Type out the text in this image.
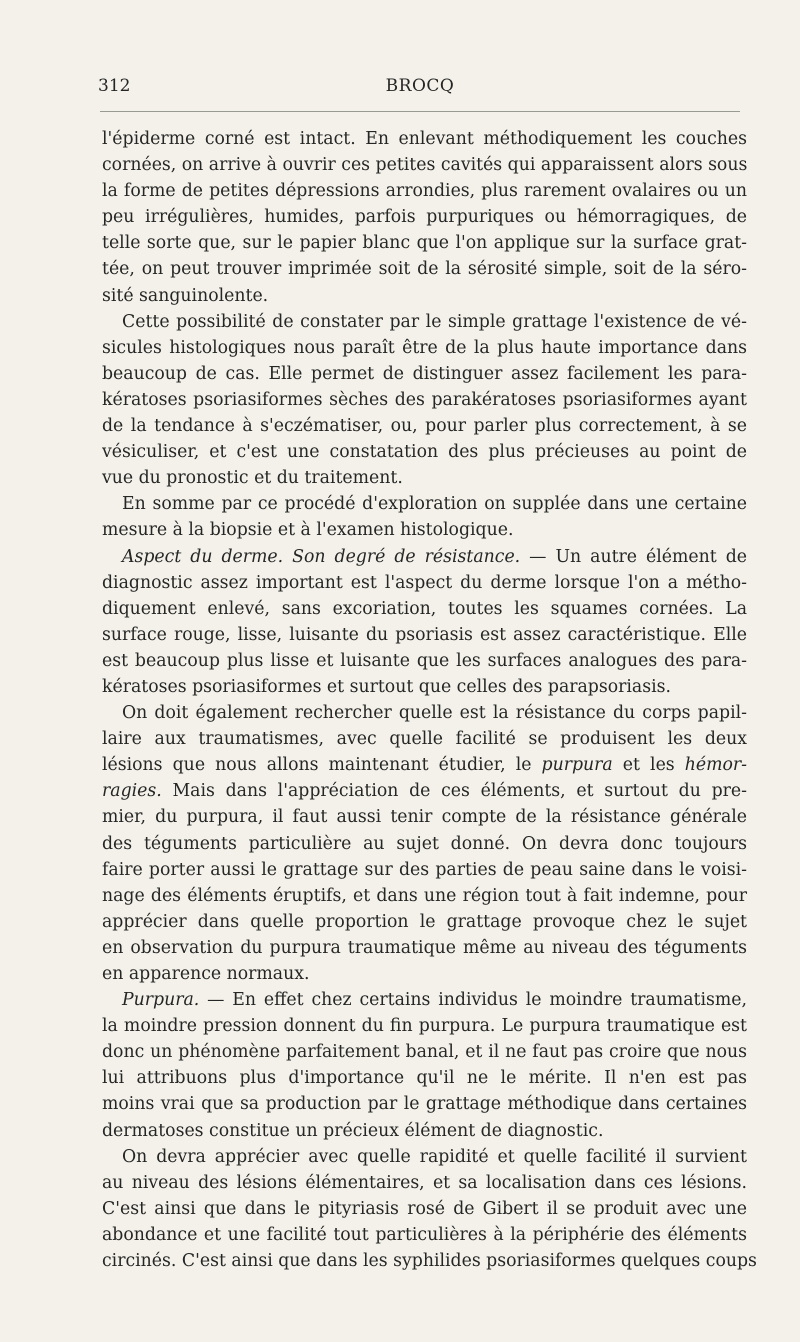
312	BROCQ
l'épiderme corné est intact. En enlevant méthodiquement les couches
cornées, on arrive à ouvrir ces petites cavités qui apparaissent alors sous
la forme de petites dépressions arrondies, plus rarement ovalaires ou un
peu irrégulières, humides, parfois purpuriques ou hémorragiques, de
telle sorte que, sur le papier blanc que l'on applique sur la surface grat-
tée, on peut trouver imprimée soit de la sérosité simple, soit de la séro-
sité sanguinolente.
Cette possibilité de constater par le simple grattage l'existence de vé-
sicules histologiques nous paraît être de la plus haute importance dans
beaucoup de cas. Elle permet de distinguer assez facilement les para-
kératoses psoriasiformes sèches des parakératoses psoriasiformes ayant
de la tendance à s'eczématiser, ou, pour parler plus correctement, à se
vésiculiser, et c'est une constatation des plus précieuses au point de
vue du pronostic et du traitement.
En somme par ce procédé d'exploration on supplée dans une certaine
mesure à la biopsie et à l'examen histologique.
Aspect du derme. Son degré de résistance. — Un autre élément de
diagnostic assez important est l'aspect du derme lorsque l'on a métho-
diquement enlevé, sans excoriation, toutes les squames cornées. La
surface rouge, lisse, luisante du psoriasis est assez caractéristique. Elle
est beaucoup plus lisse et luisante que les surfaces analogues des para-
kératoses psoriasiformes et surtout que celles des parapsoriasis.
On doit également rechercher quelle est la résistance du corps papil-
laire aux traumatismes, avec quelle facilité se produisent les deux
lésions que nous allons maintenant étudier, le purpura et les hémor-
ragies. Mais dans l'appréciation de ces éléments, et surtout du pre-
mier, du purpura, il faut aussi tenir compte de la résistance générale
des téguments particulière au sujet donné. On devra donc toujours
faire porter aussi le grattage sur des parties de peau saine dans le voisi-
nage des éléments éruptifs, et dans une région tout à fait indemne, pour
apprécier dans quelle proportion le grattage provoque chez le sujet
en observation du purpura traumatique même au niveau des téguments
en apparence normaux.
Purpura. — En effet chez certains individus le moindre traumatisme,
la moindre pression donnent du fin purpura. Le purpura traumatique est
donc un phénomène parfaitement banal, et il ne faut pas croire que nous
lui attribuons plus d'importance qu'il ne le mérite. Il n'en est pas
moins vrai que sa production par le grattage méthodique dans certaines
dermatoses constitue un précieux élément de diagnostic.
On devra apprécier avec quelle rapidité et quelle facilité il survient
au niveau des lésions élémentaires, et sa localisation dans ces lésions.
C'est ainsi que dans le pityriasis rosé de Gibert il se produit avec une
abondance et une facilité tout particulières à la périphérie des éléments
circinés. C'est ainsi que dans les syphilides psoriasiformes quelques coups
